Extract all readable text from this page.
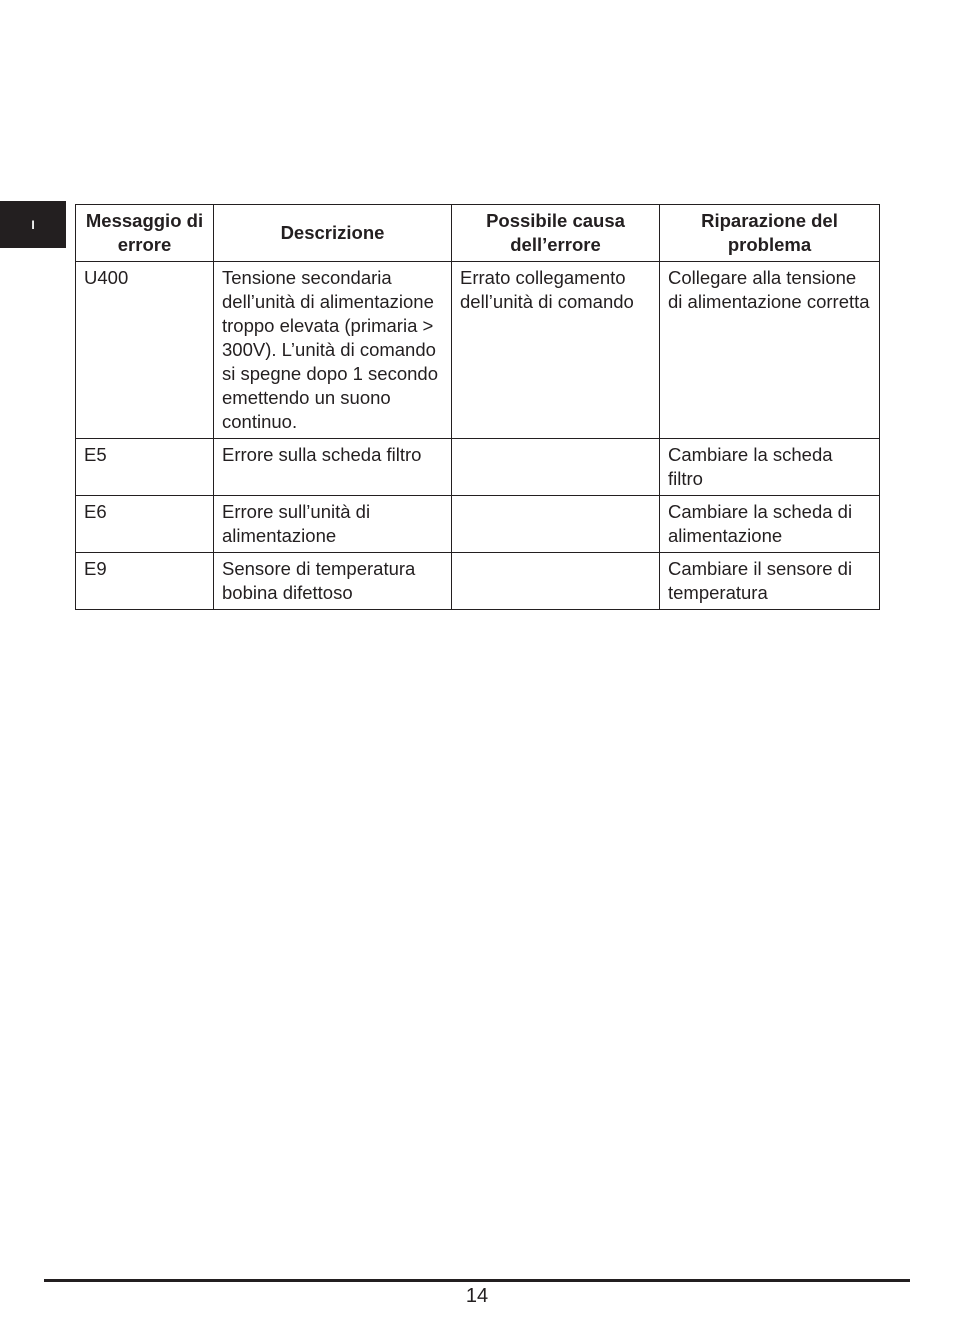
I	Messaggio di errore	Descrizione	Possibile causa dell’errore	Riparazione del problema
U400	Tensione secondaria dell’unità di alimentazione troppo elevata (primaria > 300V). L’unità di comando si spegne dopo 1 secondo emettendo un suono continuo.	Errato collegamento dell’unità di comando	Collegare alla tensione di alimentazione corretta
E5	Errore sulla scheda filtro		Cambiare la scheda filtro
E6	Errore sull’unità di alimentazione		Cambiare la scheda di alimentazione
E9	Sensore di temperatura bobina difettoso		Cambiare il sensore di temperatura
14
